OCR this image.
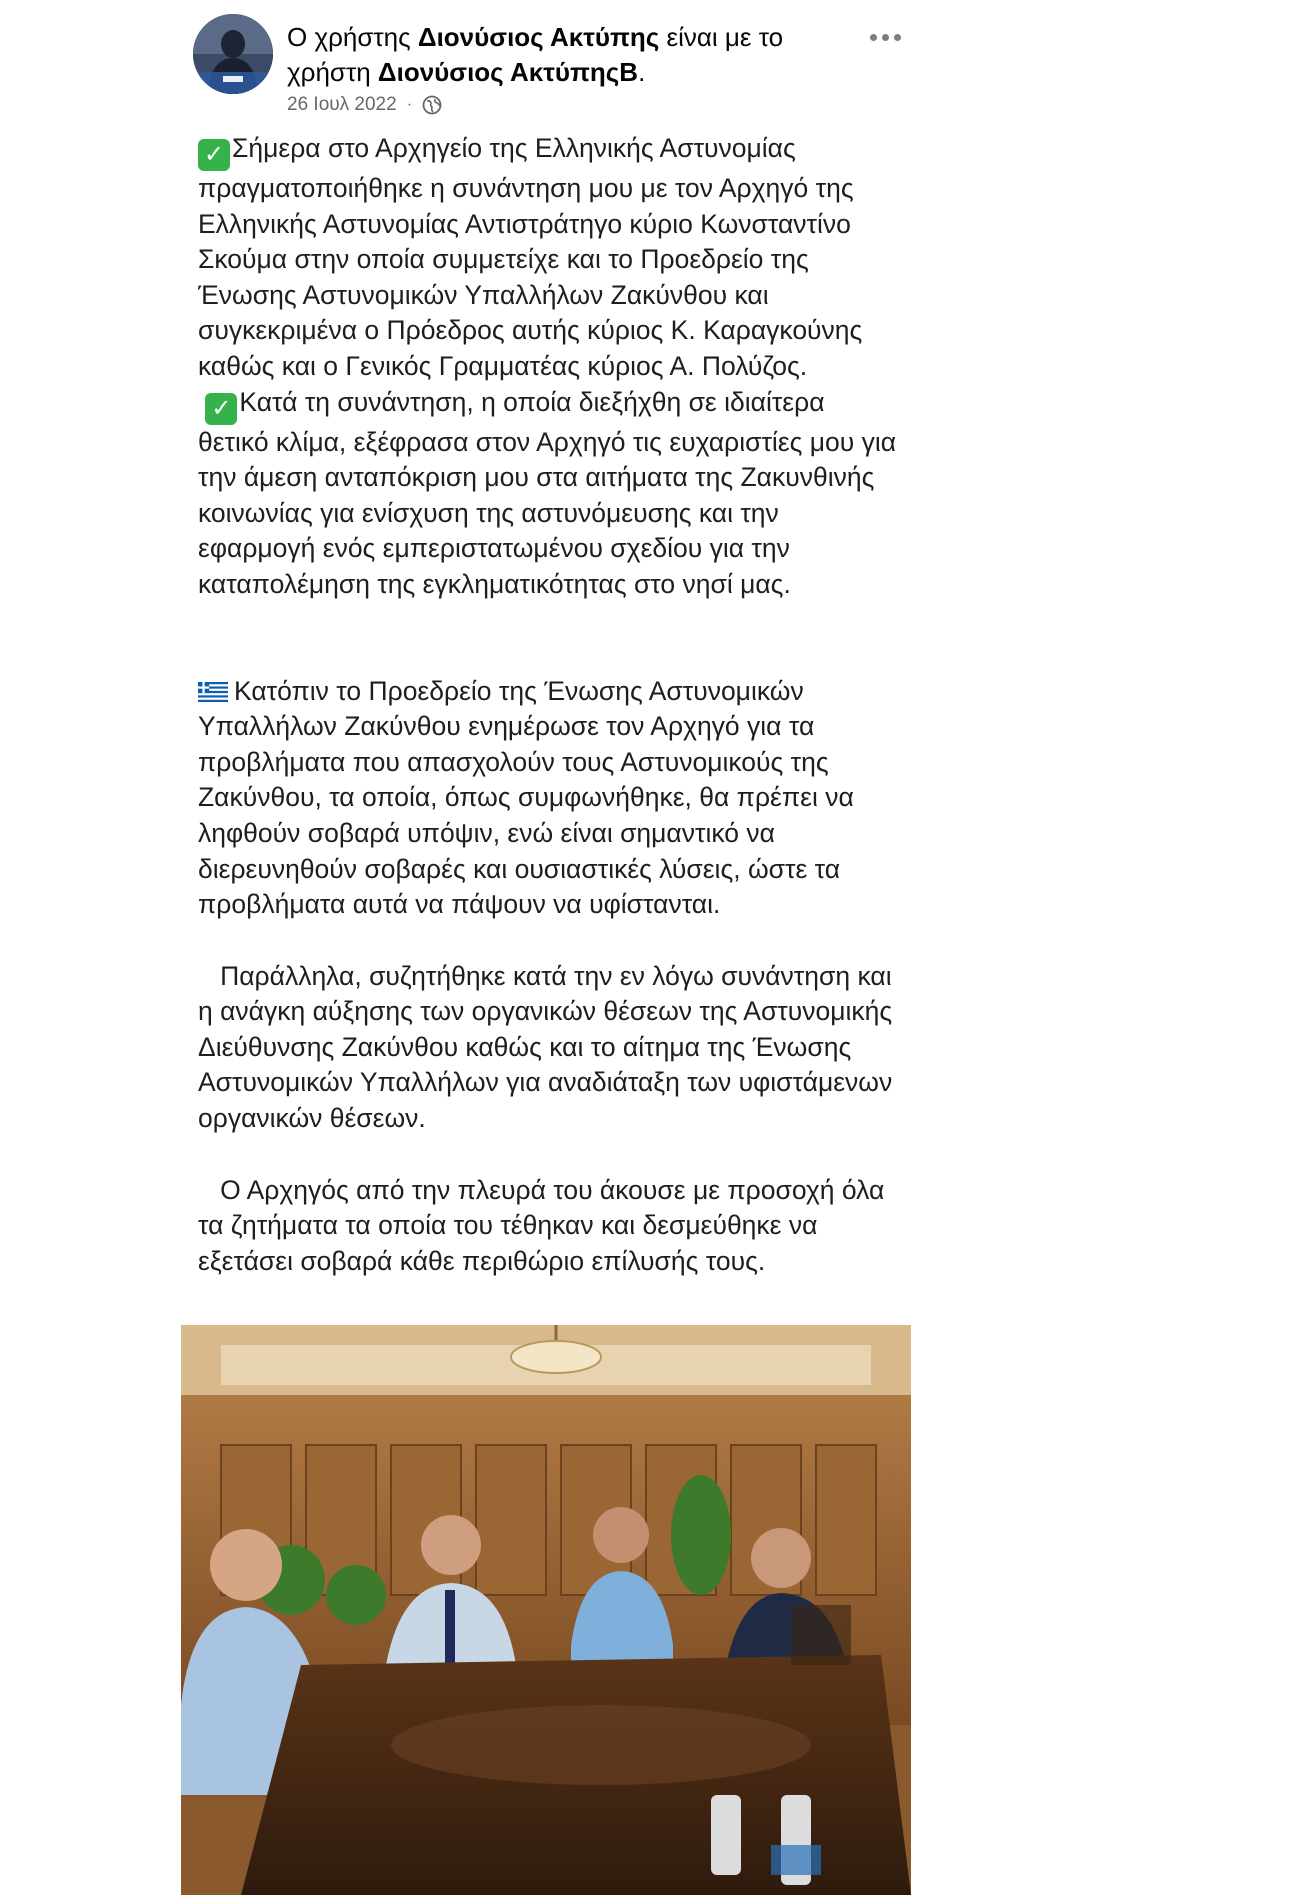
Ο χρήστης Διονύσιος Ακτύπης είναι με το χρήστη Διονύσιος ΑκτύπηςΒ.
26 Ιουλ 2022 ·

✓ Σήμερα στο Αρχηγείο της Ελληνικής Αστυνομίας πραγματοποιήθηκε η συνάντηση μου με τον Αρχηγό της Ελληνικής Αστυνομίας Αντιστράτηγο κύριο Κωνσταντίνο Σκούμα στην οποία συμμετείχε και το Προεδρείο της Ένωσης Αστυνομικών Υπαλλήλων Ζακύνθου και συγκεκριμένα ο Πρόεδρος αυτής κύριος Κ. Καραγκούνης καθώς και ο Γενικός Γραμματέας κύριος Α. Πολύζος.

✓ Κατά τη συνάντηση, η οποία διεξήχθη σε ιδιαίτερα θετικό κλίμα, εξέφρασα στον Αρχηγό τις ευχαριστίες μου για την άμεση ανταπόκριση μου στα αιτήματα της Ζακυνθινής κοινωνίας για ενίσχυση της αστυνόμευσης και την εφαρμογή ενός εμπεριστατωμένου σχεδίου για την καταπολέμηση της εγκληματικότητας στο νησί μας.

Κατόπιν το Προεδρείο της Ένωσης Αστυνομικών Υπαλλήλων Ζακύνθου ενημέρωσε τον Αρχηγό για τα προβλήματα που απασχολούν τους Αστυνομικούς της Ζακύνθου, τα οποία, όπως συμφωνήθηκε, θα πρέπει να ληφθούν σοβαρά υπόψιν, ενώ είναι σημαντικό να διερευνηθούν σοβαρές και ουσιαστικές λύσεις, ώστε τα προβλήματα αυτά να πάψουν να υφίστανται.

Παράλληλα, συζητήθηκε κατά την εν λόγω συνάντηση και η ανάγκη αύξησης των οργανικών θέσεων της Αστυνομικής Διεύθυνσης Ζακύνθου καθώς και το αίτημα της Ένωσης Αστυνομικών Υπαλλήλων για αναδιάταξη των υφιστάμενων οργανικών θέσεων.

Ο Αρχηγός από την πλευρά του άκουσε με προσοχή όλα τα ζητήματα τα οποία του τέθηκαν και δεσμεύθηκε να εξετάσει σοβαρά κάθε περιθώριο επίλυσής τους.
